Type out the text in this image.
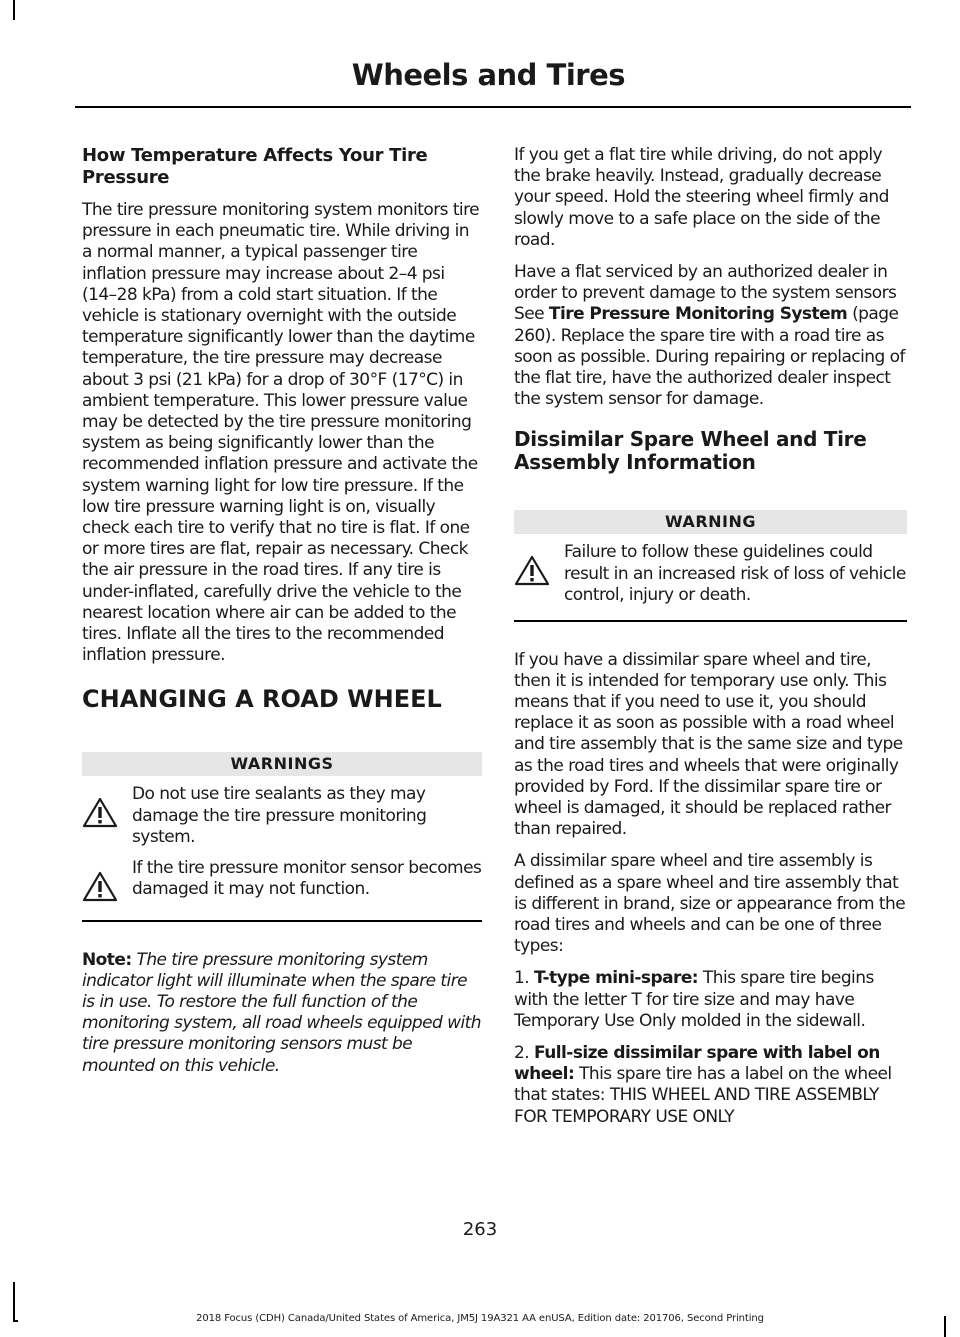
Wheels and Tires
How Temperature Affects Your Tire Pressure

The tire pressure monitoring system monitors tire pressure in each pneumatic tire. While driving in a normal manner, a typical passenger tire inflation pressure may increase about 2–4 psi (14–28 kPa) from a cold start situation. If the vehicle is stationary overnight with the outside temperature significantly lower than the daytime temperature, the tire pressure may decrease about 3 psi (21 kPa) for a drop of 30°F (17°C) in ambient temperature. This lower pressure value may be detected by the tire pressure monitoring system as being significantly lower than the recommended inflation pressure and activate the system warning light for low tire pressure. If the low tire pressure warning light is on, visually check each tire to verify that no tire is flat. If one or more tires are flat, repair as necessary. Check the air pressure in the road tires. If any tire is under-inflated, carefully drive the vehicle to the nearest location where air can be added to the tires. Inflate all the tires to the recommended inflation pressure.

CHANGING A ROAD WHEEL
WARNINGS
Do not use tire sealants as they may damage the tire pressure monitoring system.
If the tire pressure monitor sensor becomes damaged it may not function.

Note: The tire pressure monitoring system indicator light will illuminate when the spare tire is in use. To restore the full function of the monitoring system, all road wheels equipped with tire pressure monitoring sensors must be mounted on this vehicle.

If you get a flat tire while driving, do not apply the brake heavily. Instead, gradually decrease your speed. Hold the steering wheel firmly and slowly move to a safe place on the side of the road.

Have a flat serviced by an authorized dealer in order to prevent damage to the system sensors See Tire Pressure Monitoring System (page 260). Replace the spare tire with a road tire as soon as possible. During repairing or replacing of the flat tire, have the authorized dealer inspect the system sensor for damage.

Dissimilar Spare Wheel and Tire Assembly Information
WARNING
Failure to follow these guidelines could result in an increased risk of loss of vehicle control, injury or death.

If you have a dissimilar spare wheel and tire, then it is intended for temporary use only. This means that if you need to use it, you should replace it as soon as possible with a road wheel and tire assembly that is the same size and type as the road tires and wheels that were originally provided by Ford. If the dissimilar spare tire or wheel is damaged, it should be replaced rather than repaired.

A dissimilar spare wheel and tire assembly is defined as a spare wheel and tire assembly that is different in brand, size or appearance from the road tires and wheels and can be one of three types:

1. T-type mini-spare: This spare tire begins with the letter T for tire size and may have Temporary Use Only molded in the sidewall.

2. Full-size dissimilar spare with label on wheel: This spare tire has a label on the wheel that states: THIS WHEEL AND TIRE ASSEMBLY FOR TEMPORARY USE ONLY

263
2018 Focus (CDH) Canada/United States of America, JM5J 19A321 AA enUSA, Edition date: 201706, Second Printing
